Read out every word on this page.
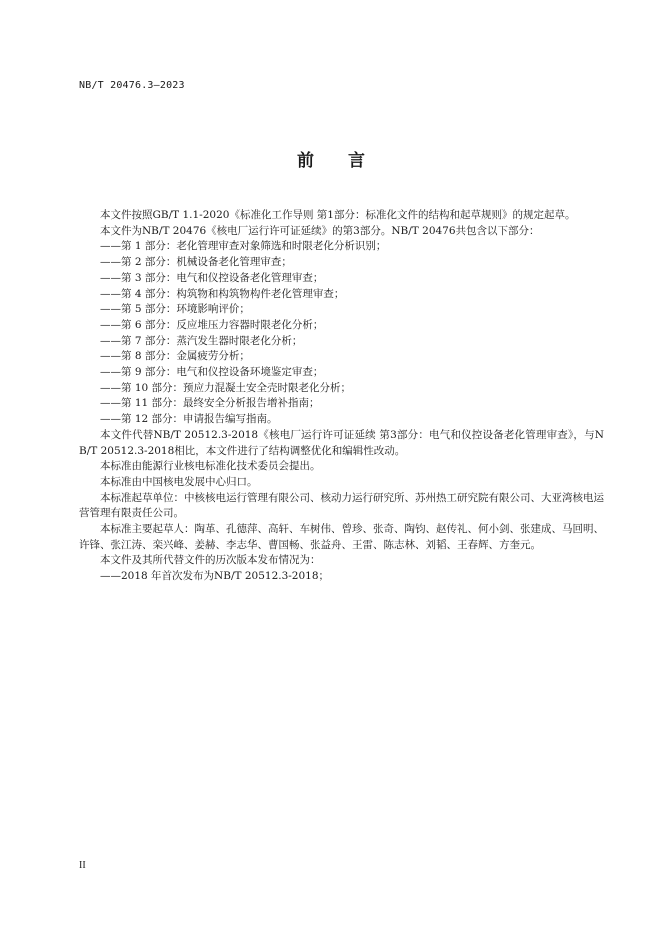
NB/T 20476.3—2023
前 言

本文件按照GB/T 1.1-2020《标准化工作导则 第1部分：标准化文件的结构和起草规则》的规定起草。

本文件为NB/T 20476《核电厂运行许可证延续》的第3部分。NB/T 20476共包含以下部分：

——第 1 部分：老化管理审查对象筛选和时限老化分析识别；
——第 2 部分：机械设备老化管理审查；
——第 3 部分：电气和仪控设备老化管理审查；
——第 4 部分：构筑物和构筑物构件老化管理审查；
——第 5 部分：环境影响评价；
——第 6 部分：反应堆压力容器时限老化分析；
——第 7 部分：蒸汽发生器时限老化分析；
——第 8 部分：金属疲劳分析；
——第 9 部分：电气和仪控设备环境鉴定审查；
——第 10 部分：预应力混凝土安全壳时限老化分析；
——第 11 部分：最终安全分析报告增补指南；
——第 12 部分：申请报告编写指南。

本文件代替NB/T 20512.3-2018《核电厂运行许可证延续 第3部分：电气和仪控设备老化管理审查》，与NB/T 20512.3-2018相比，本文件进行了结构调整优化和编辑性改动。

本标准由能源行业核电标准化技术委员会提出。

本标准由中国核电发展中心归口。

本标准起草单位：中核核电运行管理有限公司、核动力运行研究所、苏州热工研究院有限公司、大亚湾核电运营管理有限责任公司。

本标准主要起草人：陶革、孔德萍、高轩、车树伟、曾珍、张奇、陶钧、赵传礼、何小剑、张建成、马回明、许锋、张江涛、栾兴峰、姜赫、李志华、曹国畅、张益舟、王雷、陈志林、刘韬、王春辉、方奎元。

本文件及其所代替文件的历次版本发布情况为：

——2018 年首次发布为NB/T 20512.3-2018；
II
